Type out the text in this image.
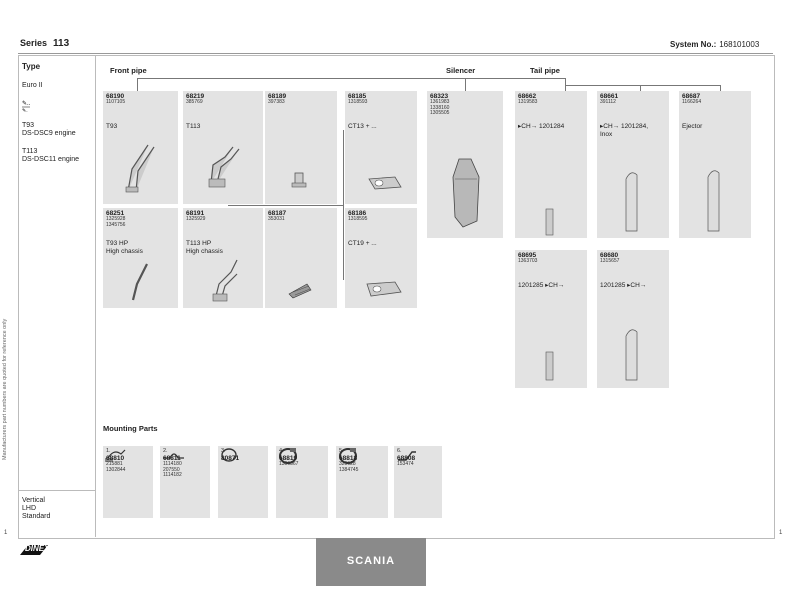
Series 113	System No.: 168101003
Manufacturers part numbers are quoted for reference only
Type
Euro II
✎..
✎.
T93
DS-DSC9 engine
T113
DS-DSC11 engine
Vertical
LHD
Standard
Front pipe	Silencer	Tail pipe
Mounting Parts
68190
1107105
T93
68219
385769
T113
68189
397383
68185
1318593
CT13 + ...
68323
1361983
1338160
1305505
68662
1319583
▸CH→ 1201284
68661
391112
▸CH→ 1201284,
Inox
68687
1166264
Ejector
68251
1325928
1345756
T93 HP
High chassis
68191
1325929
T113 HP
High chassis
68187
353031
68186
1318595
CT19 + ...
68695
1363703
1201285 ▸CH→
68680
1315657
1201285 ▸CH→
1.
68810
215881
1302844
2.
68811
1114180
207550
1114182
3.
80871
4.
68819
1300367
5.
68818
329928
1384745
6.
68808
153474
DINEX
SCANIA
1	1
